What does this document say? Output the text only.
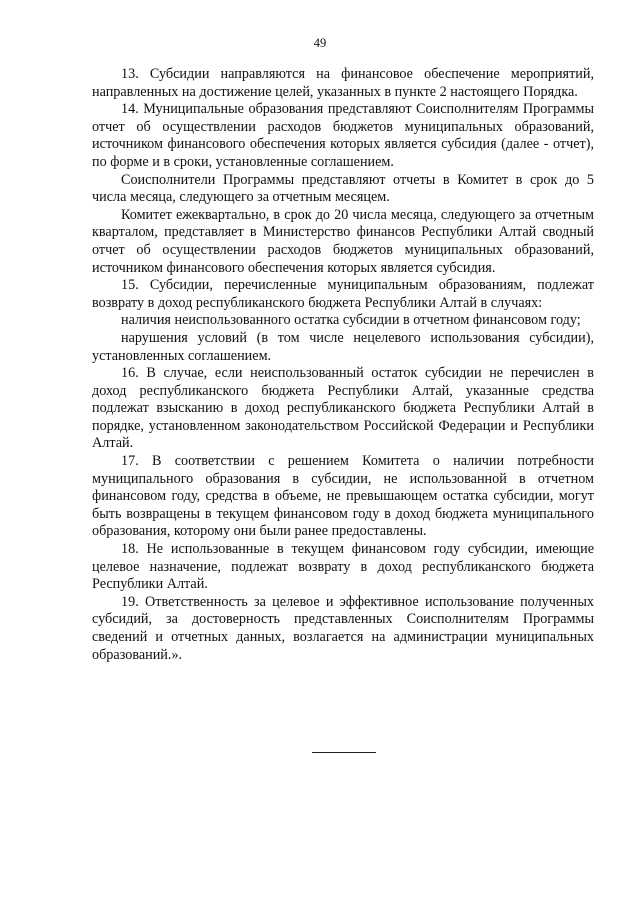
49

13. Субсидии направляются на финансовое обеспечение мероприятий, направленных на достижение целей, указанных в пункте 2 настоящего Порядка.

14. Муниципальные образования представляют Соисполнителям Программы отчет об осуществлении расходов бюджетов муниципальных образований, источником финансового обеспечения которых является субсидия (далее - отчет), по форме и в сроки, установленные соглашением.

Соисполнители Программы представляют отчеты в Комитет в срок до 5 числа месяца, следующего за отчетным месяцем.

Комитет ежеквартально, в срок до 20 числа месяца, следующего за отчетным кварталом, представляет в Министерство финансов Республики Алтай сводный отчет об осуществлении расходов бюджетов муниципальных образований, источником финансового обеспечения которых является субсидия.

15. Субсидии, перечисленные муниципальным образованиям, подлежат возврату в доход республиканского бюджета Республики Алтай в случаях:

наличия неиспользованного остатка субсидии в отчетном финансовом году;

нарушения условий (в том числе нецелевого использования субсидии), установленных соглашением.

16. В случае, если неиспользованный остаток субсидии не перечислен в доход республиканского бюджета Республики Алтай, указанные средства подлежат взысканию в доход республиканского бюджета Республики Алтай в порядке, установленном законодательством Российской Федерации и Республики Алтай.

17. В соответствии с решением Комитета о наличии потребности муниципального образования в субсидии, не использованной в отчетном финансовом году, средства в объеме, не превышающем остатка субсидии, могут быть возвращены в текущем финансовом году в доход бюджета муниципального образования, которому они были ранее предоставлены.

18. Не использованные в текущем финансовом году субсидии, имеющие целевое назначение, подлежат возврату в доход республиканского бюджета Республики Алтай.

19. Ответственность за целевое и эффективное использование полученных субсидий, за достоверность представленных Соисполнителям Программы сведений и отчетных данных, возлагается на администрации муниципальных образований.».
